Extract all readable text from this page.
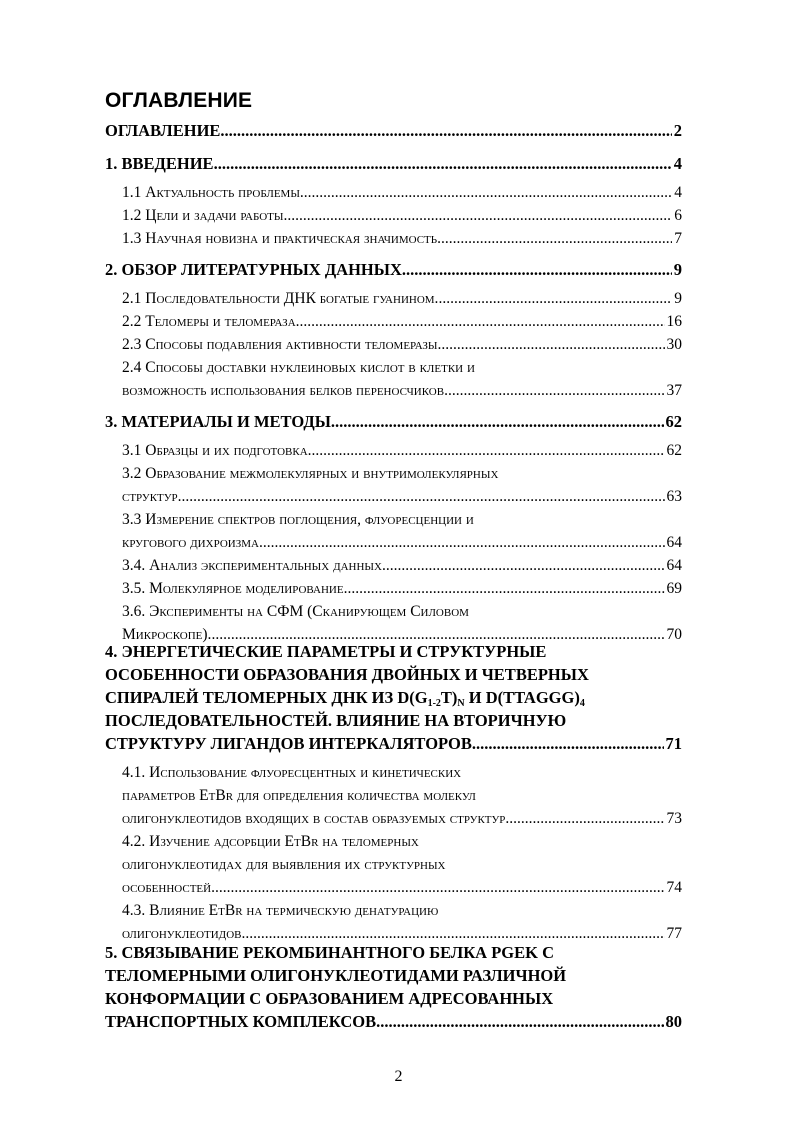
ОГЛАВЛЕНИЕ
ОГЛАВЛЕНИЕ .....	2
1. ВВЕДЕНИЕ .....	4
1.1 Актуальность проблемы .....	4
1.2 Цели и задачи работы .....	6
1.3 Научная новизна и практическая значимость .....	7
2. ОБЗОР ЛИТЕРАТУРНЫХ ДАННЫХ .....	9
2.1 Последовательности ДНК богатые гуанином. .....	9
2.2 Теломеры и теломераза. .....	16
2.3 Способы подавления активности теломеразы .....	30
2.4 Способы доставки нуклеиновых кислот в клетки и
возможность использования белков переносчиков. .....	37
3. МАТЕРИАЛЫ И МЕТОДЫ .....	62
3.1 Образцы и их подготовка. .....	62
3.2 Образование межмолекулярных и внутримолекулярных
структур .....	63
3.3 Измерение спектров поглощения, флуоресценции и
кругового дихроизма. .....	64
3.4. Анализ экспериментальных данных. .....	64
3.5. Молекулярное моделирование .....	69
3.6. Эксперименты на СФМ (Сканирующем Силовом
Микроскопе). .....	70
4. ЭНЕРГЕТИЧЕСКИЕ ПАРАМЕТРЫ И СТРУКТУРНЫЕ
ОСОБЕННОСТИ ОБРАЗОВАНИЯ ДВОЙНЫХ И ЧЕТВЕРНЫХ
СПИРАЛЕЙ ТЕЛОМЕРНЫХ ДНК ИЗ $D(G_{1-2}T)_N$ И $D(TTAGGG)_4$
ПОСЛЕДОВАТЕЛЬНОСТЕЙ. ВЛИЯНИЕ НА ВТОРИЧНУЮ
СТРУКТУРУ ЛИГАНДОВ ИНТЕРКАЛЯТОРОВ .....	71
4.1. Использование флуоресцентных и кинетических
параметров EtBr для определения количества молекул
олигонуклеотидов входящих в состав образуемых структур. .....	73
4.2. Изучение адсорбции EtBr на теломерных
олигонуклеотидах для выявления их структурных
особенностей .....	74
4.3. Влияние EtBr на термическую денатурацию
олигонуклеотидов. .....	77
5. СВЯЗЫВАНИЕ РЕКОМБИНАНТНОГО БЕЛКА PGEK С
ТЕЛОМЕРНЫМИ ОЛИГОНУКЛЕОТИДАМИ РАЗЛИЧНОЙ
КОНФОРМАЦИИ С ОБРАЗОВАНИЕМ АДРЕСОВАННЫХ
ТРАНСПОРТНЫХ КОМПЛЕКСОВ .....	80
2
